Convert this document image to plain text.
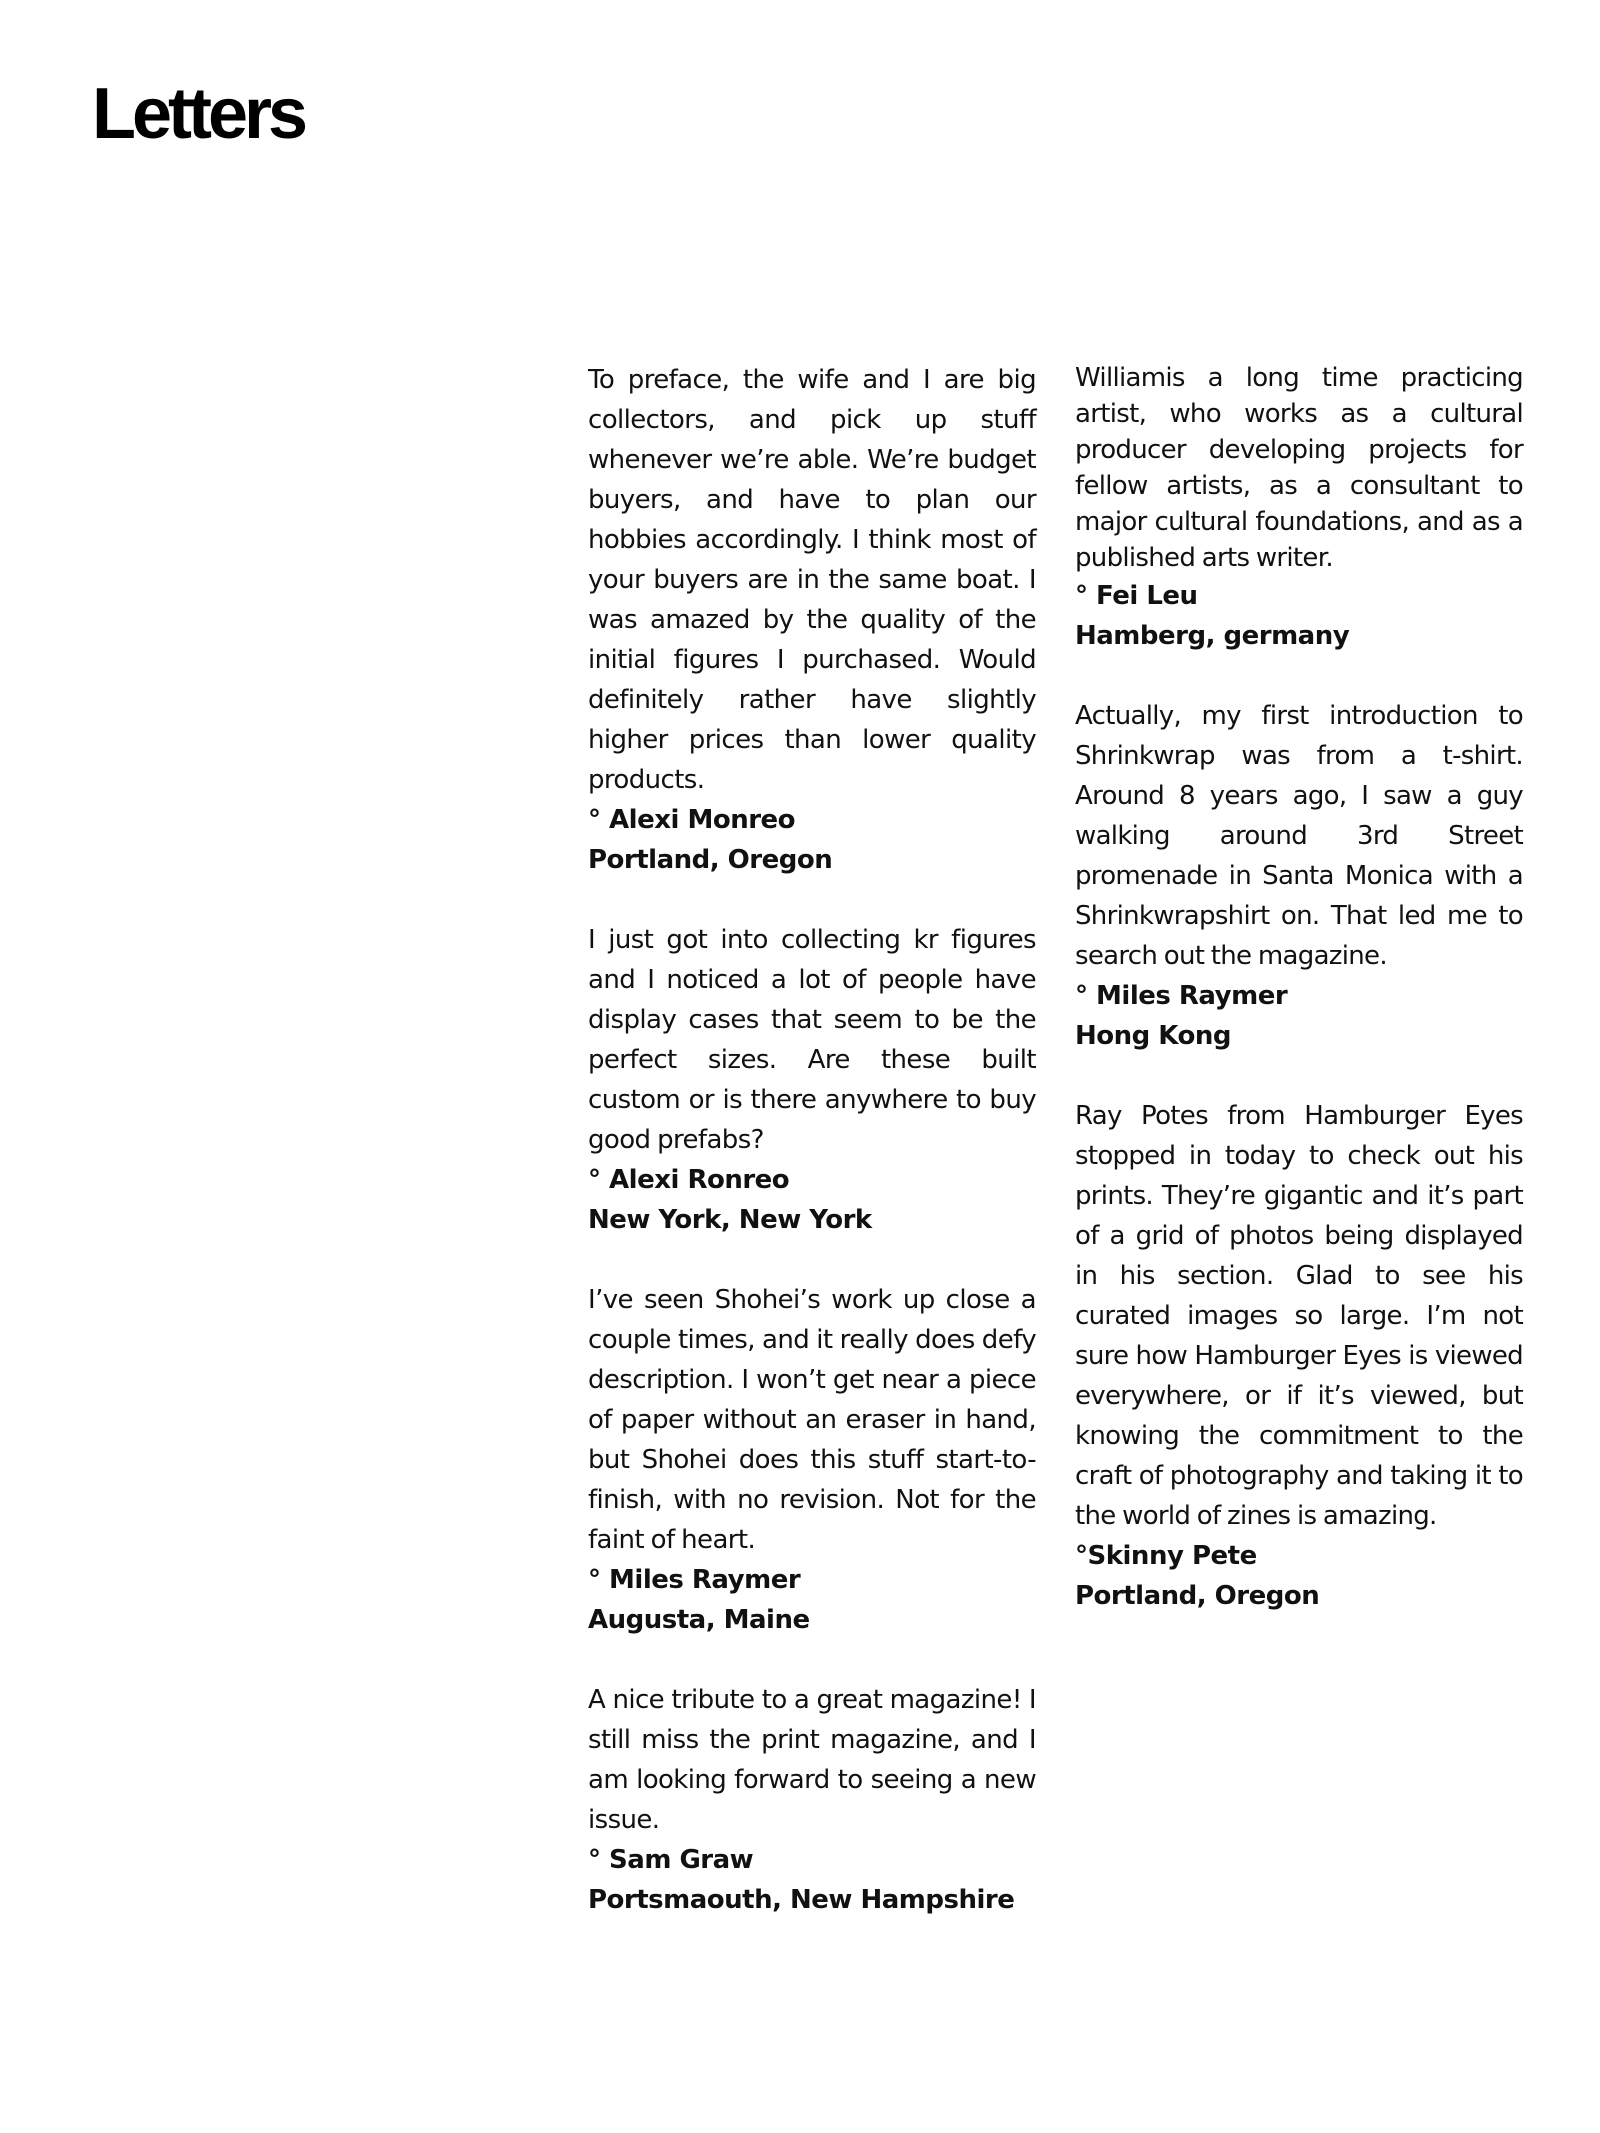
Letters

To preface, the wife and I are big collectors, and pick up stuff whenever we’re able. We’re budget buyers, and have to plan our hobbies accordingly. I think most of your buyers are in the same boat. I was amazed by the quality of the initial figures I purchased. Would definitely rather have slightly higher prices than lower quality products.

° Alexi Monreo

Portland, Oregon

I just got into collecting kr figures and I noticed a lot of people have display cases that seem to be the perfect sizes. Are these built custom or is there anywhere to buy good prefabs?

° Alexi Ronreo

New York, New York

I’ve seen Shohei’s work up close a couple times, and it really does defy description. I won’t get near a piece of paper without an eraser in hand, but Shohei does this stuff start-to-finish, with no revision. Not for the faint of heart.

° Miles Raymer

Augusta, Maine

A nice tribute to a great magazine! I still miss the print magazine, and I am looking forward to seeing a new issue.

° Sam Graw

Portsmaouth, New Hampshire

Williamis a long time practicing artist, who works as a cultural producer developing projects for fellow artists, as a consultant to major cultural foundations, and as a published arts writer.

° Fei Leu

Hamberg, germany

Actually, my first introduction to Shrinkwrap was from a t-shirt. Around 8 years ago, I saw a guy walking around 3rd Street promenade in Santa Monica with a Shrinkwrapshirt on. That led me to search out the magazine.

° Miles Raymer

Hong Kong

Ray Potes from Hamburger Eyes stopped in today to check out his prints. They’re gigantic and it’s part of a grid of photos being displayed in his section. Glad to see his curated images so large. I’m not sure how Hamburger Eyes is viewed everywhere, or if it’s viewed, but knowing the commitment to the craft of photography and taking it to the world of zines is amazing.

°Skinny Pete

Portland, Oregon
